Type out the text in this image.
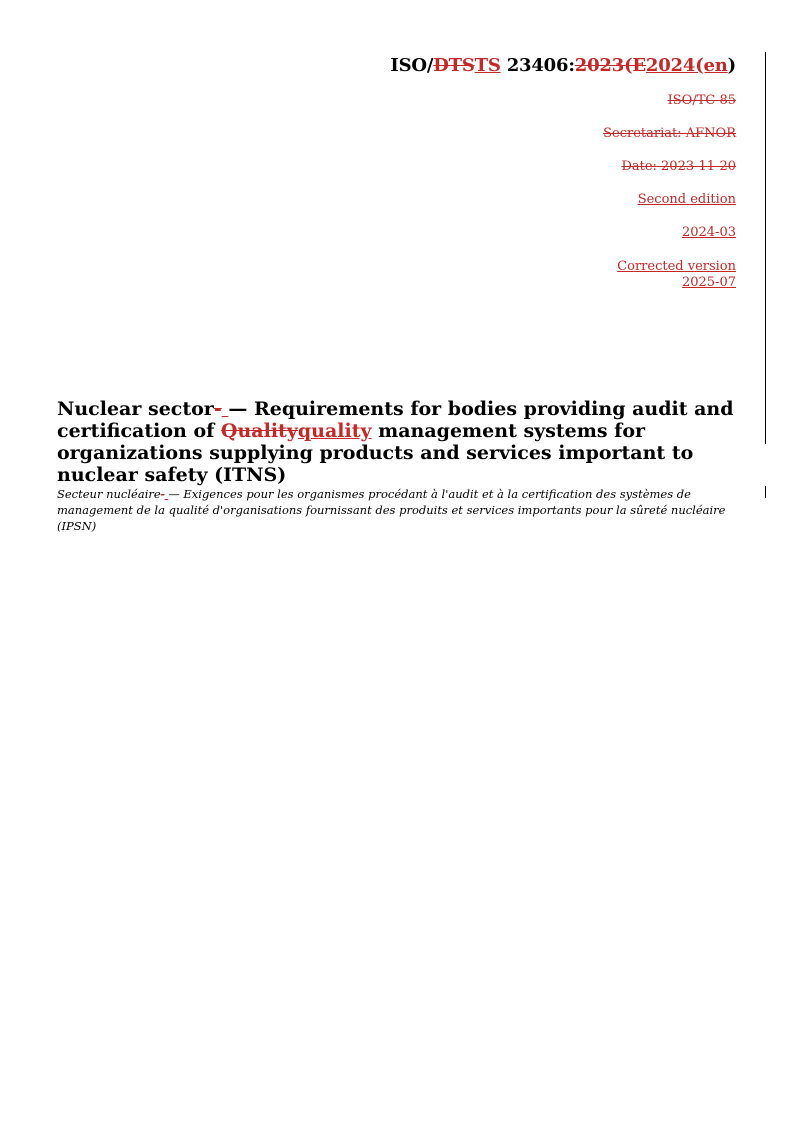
ISO/DTSTS 23406:2023(E2024(en)
ISO/TC 85
Secretariat: AFNOR
Date: 2023-11-20
Second edition
2024-03
Corrected version
2025-07
Nuclear sector- — Requirements for bodies providing audit and certification of Qualityquality management systems for organizations supplying products and services important to nuclear safety (ITNS)
Secteur nucléaire- — Exigences pour les organismes procédant à l'audit et à la certification des systèmes de management de la qualité d'organisations fournissant des produits et services importants pour la sûreté nucléaire (IPSN)
